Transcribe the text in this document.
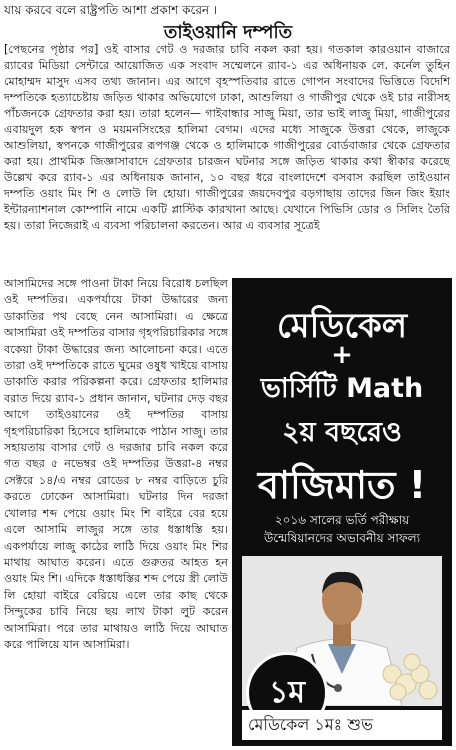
যায় করবে বলে রাষ্ট্রপতি আশা প্রকাশ করেন ।
তাইওয়ানি দম্পতি

[পেছনের পৃষ্ঠার পর] ওই বাসার গেট ও দরজার চাবি নকল করা হয়। গতকাল কারওয়ান বাজারে র‌্যাবের মিডিয়া সেন্টারে আয়োজিত এক সংবাদ সম্মেলনে র‌্যাব-১ এর অধিনায়ক লে. কর্নেল তুহিন মোহাম্মদ মাসুদ এসব তথ্য জানান। এর আগে বৃহস্পতিবার রাতে গোপন সংবাদের ভিত্তিতে বিদেশি দম্পতিকে হত্যাচেষ্টায় জড়িত থাকার অভিযোগে ঢাকা, আশুলিয়া ও গাজীপুর থেকে ওই চার নারীসহ পাঁচজনকে গ্রেফতার করা হয়। তারা হলেন— গাইবান্ধার সাজু মিয়া, তার ভাই লাজু মিয়া, গাজীপুরের এবায়দুল হক স্বপন ও ময়মনসিংহের হালিমা বেগম। এদের মধ্যে সাজুকে উত্তরা থেকে, লাজুকে আশুলিয়া, স্বপনকে গাজীপুরের রূপগঞ্জ থেকে ও হালিমাকে গাজীপুরের বোর্ডবাজার থেকে গ্রেফতার করা হয়। প্রাথমিক জিজ্ঞাসাবাদে গ্রেফতার চারজন ঘটনার সঙ্গে জড়িত থাকার কথা স্বীকার করেছে উল্লেখ করে র‌্যাব-১ এর অধিনায়ক জানান, ১০ বছর ধরে বাংলাদেশে বসবাস করছিল তাইওয়ান দম্পতি ওয়াং মিং শি ও লোউ লি হোয়া। গাজীপুরের জয়দেবপুর বড়গাছায় তাদের জিন জিং ইয়াং ইন্টারন্যাশনাল কোম্পানি নামে একটি প্লাস্টিক কারখানা আছে। যেখানে পিভিসি ডোর ও সিলিং তৈরি হয়। তারা নিজেরাই এ ব্যবসা পরিচালনা করতেন। আর এ ব্যবসার সূত্রেই

আসামিদের সঙ্গে পাওনা টাকা নিয়ে বিরোধ চলছিল ওই দম্পতির। একপর্যায়ে টাকা উদ্ধারের জন্য ডাকাতির পথ বেছে নেন আসামিরা। এ ক্ষেত্রে আসামিরা ওই দম্পতির বাসার গৃহপরিচারিকার সঙ্গে বকেয়া টাকা উদ্ধারের জন্য আলোচনা করে। এতে তারা ওই দম্পতিকে রাতে ঘুমের ওষুধ খাইয়ে বাসায় ডাকাতি করার পরিকল্পনা করে। গ্রেফতার হালিমার বরাত দিয়ে র‌্যাব-১ প্রধান জানান, ঘটনার দেড় বছর আগে তাইওয়ানের ওই দম্পতির বাসায় গৃহপরিচারিকা হিসেবে হালিমাকে পাঠান সাজু। তার সহায়তায় বাসার গেট ও দরজার চাবি নকল করে গত বছর ৫ নভেম্বর ওই দম্পতির উত্তরা-৪ নম্বর সেক্টরে ১৪/এ নম্বর রোডের ৮ নম্বর বাড়িতে চুরি করতে ঢোকেন আসামিরা। ঘটনার দিন দরজা খোলার শব্দ পেয়ে ওয়াং মিং শি বাইরে বের হয়ে এলে আসামি লাজুর সঙ্গে তার ধস্তাধস্তি হয়। একপর্যায়ে লাজু কাঠের লাঠি দিয়ে ওয়াং মিং শির মাথায় আঘাত করেন। এতে গুরুতর আহত হন ওয়াং মিং শি। এদিকে ধস্তাধস্তির শব্দ পেয়ে স্ত্রী লোউ লি হোয়া বাইরে বেরিয়ে এলে তার কাছ থেকে সিন্দুকের চাবি নিয়ে ছয় লাখ টাকা লুট করেন আসামিরা। পরে তার মাথায়ও লাঠি দিয়ে আঘাত করে পালিয়ে যান আসামিরা।

মেডিকেল
+
ভার্সিটি Math
২য় বছরেও
বাজিমাত !
২০১৬ সালের ভর্তি পরীক্ষায়
উন্মেষিয়ানদের অভাবনীয় সাফল্য
১ম
মেডিকেল ১মঃ শুভ
